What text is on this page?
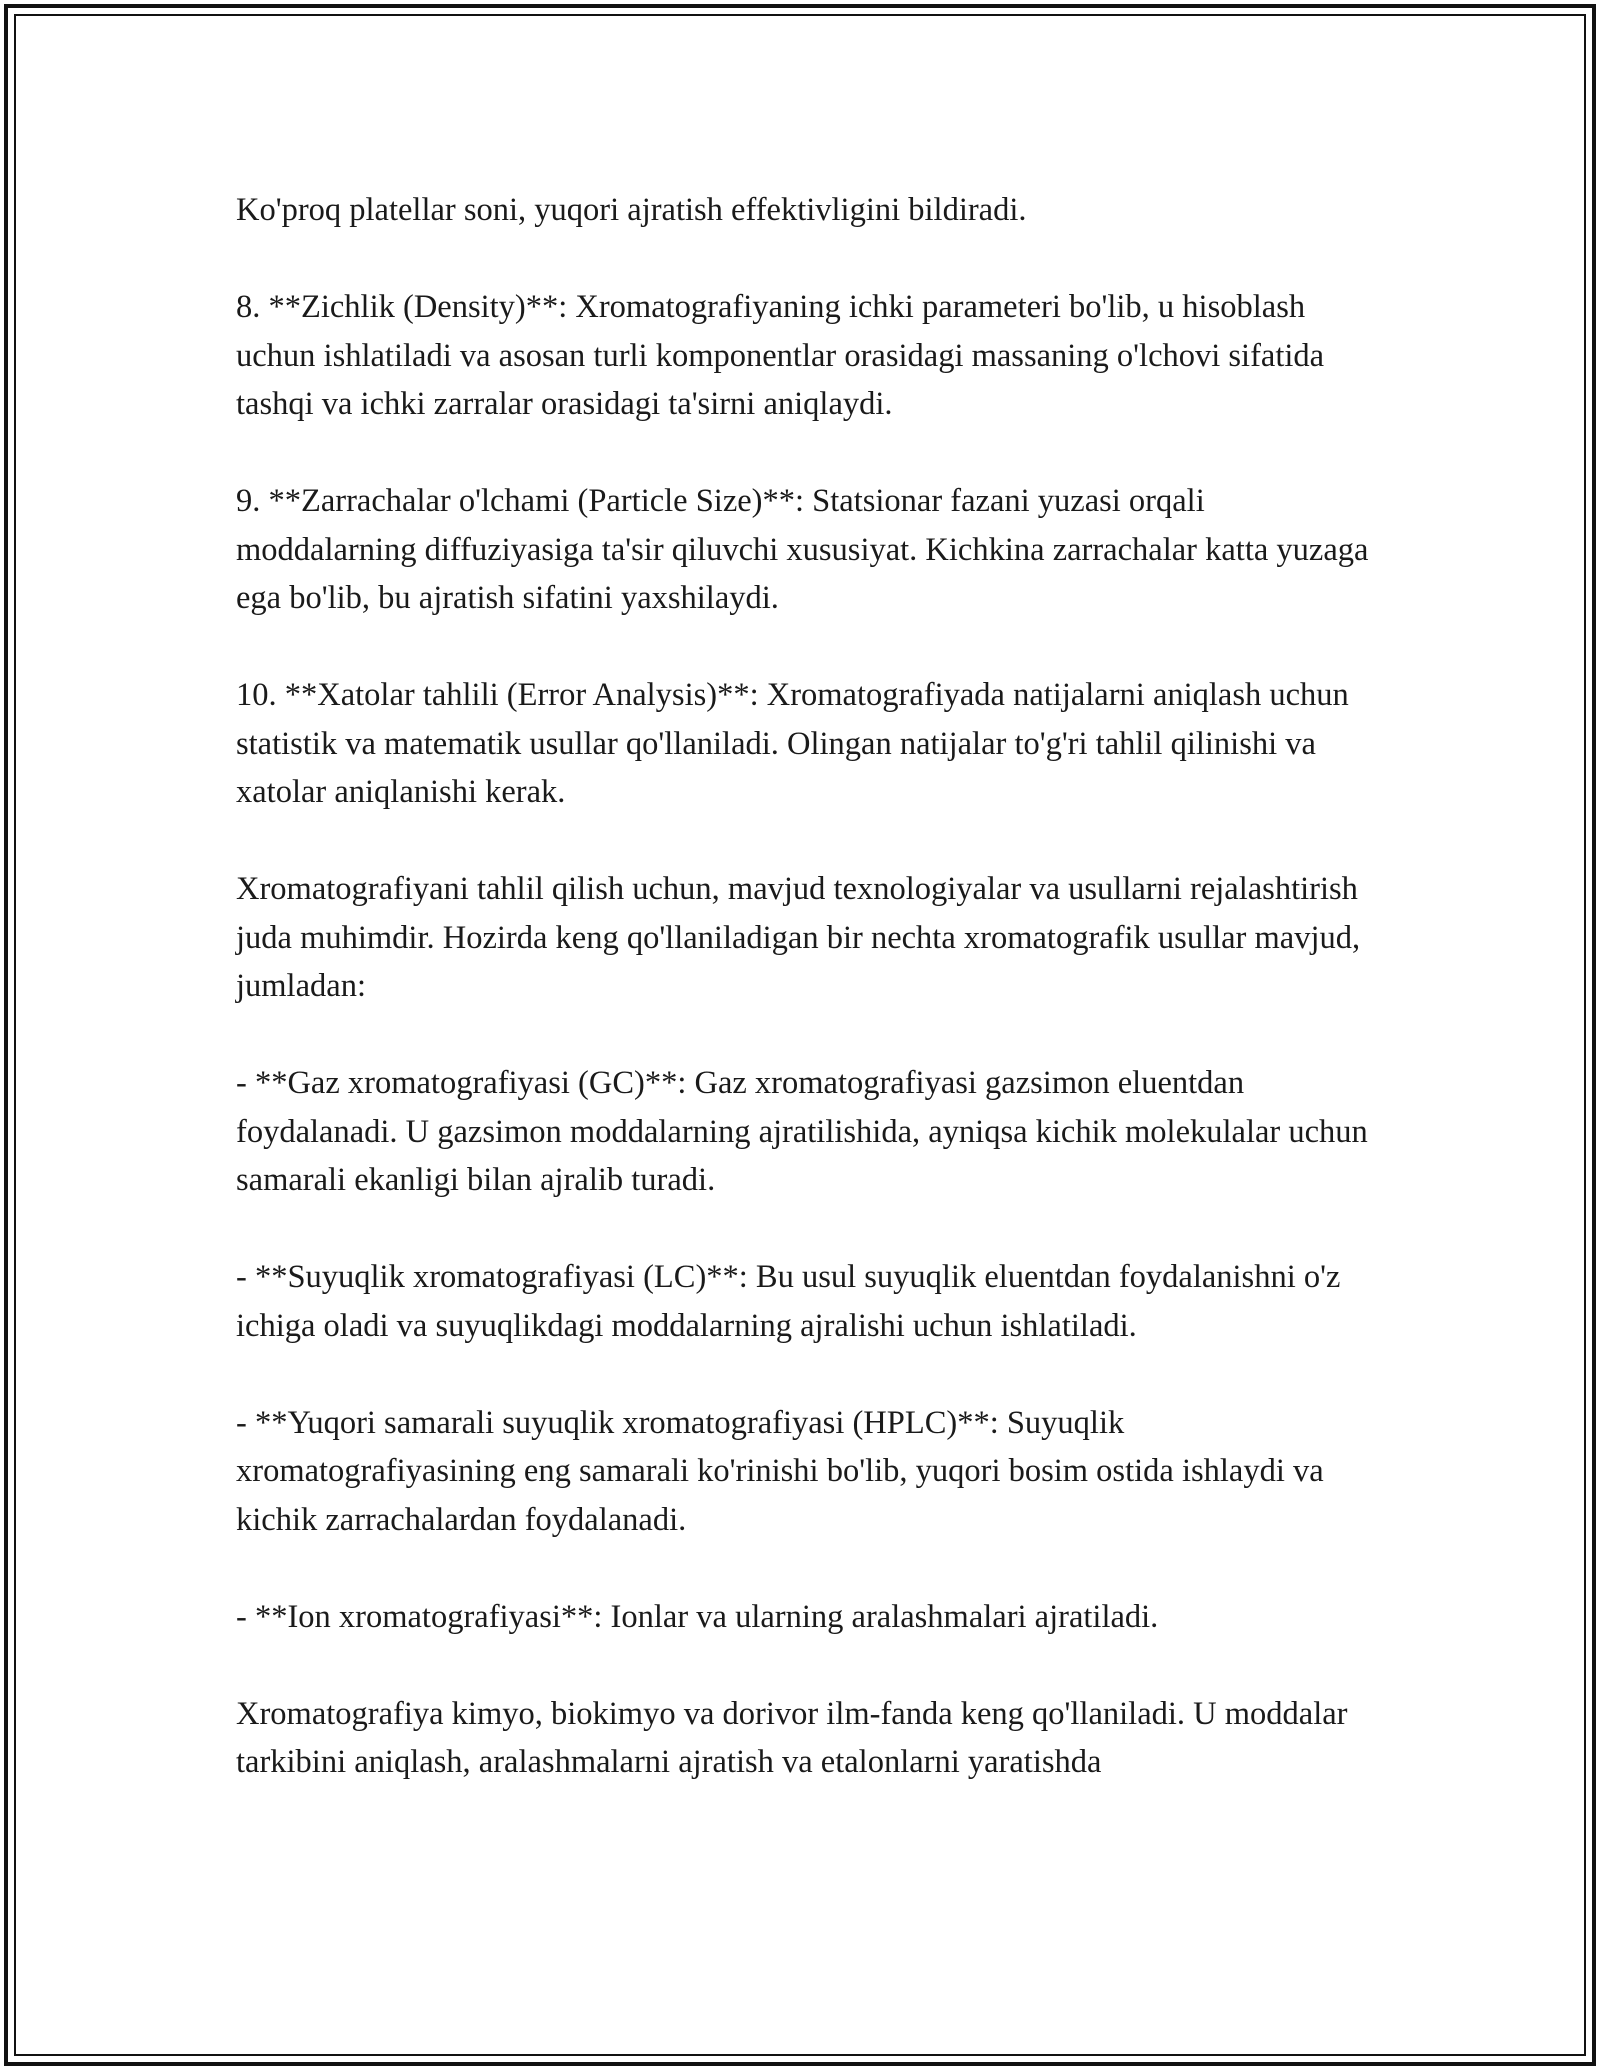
Ko'proq platellar soni, yuqori ajratish effektivligini bildiradi.

8. **Zichlik (Density)**: Xromatografiyaning ichki parameteri bo'lib, u hisoblash uchun ishlatiladi va asosan turli komponentlar orasidagi massaning o'lchovi sifatida tashqi va ichki zarralar orasidagi ta'sirni aniqlaydi.

9. **Zarrachalar o'lchami (Particle Size)**: Statsionar fazani yuzasi orqali moddalarning diffuziyasiga ta'sir qiluvchi xususiyat. Kichkina zarrachalar katta yuzaga ega bo'lib, bu ajratish sifatini yaxshilaydi.

10. **Xatolar tahlili (Error Analysis)**: Xromatografiyada natijalarni aniqlash uchun statistik va matematik usullar qo'llaniladi. Olingan natijalar to'g'ri tahlil qilinishi va xatolar aniqlanishi kerak.

Xromatografiyani tahlil qilish uchun, mavjud texnologiyalar va usullarni rejalashtirish juda muhimdir. Hozirda keng qo'llaniladigan bir nechta xromatografik usullar mavjud, jumladan:

- **Gaz xromatografiyasi (GC)**: Gaz xromatografiyasi gazsimon eluentdan foydalanadi. U gazsimon moddalarning ajratilishida, ayniqsa kichik molekulalar uchun samarali ekanligi bilan ajralib turadi.

- **Suyuqlik xromatografiyasi (LC)**: Bu usul suyuqlik eluentdan foydalanishni o'z ichiga oladi va suyuqlikdagi moddalarning ajralishi uchun ishlatiladi.

- **Yuqori samarali suyuqlik xromatografiyasi (HPLC)**: Suyuqlik xromatografiyasining eng samarali ko'rinishi bo'lib, yuqori bosim ostida ishlaydi va kichik zarrachalardan foydalanadi.

- **Ion xromatografiyasi**: Ionlar va ularning aralashmalari ajratiladi.

Xromatografiya kimyo, biokimyo va dorivor ilm-fanda keng qo'llaniladi. U moddalar tarkibini aniqlash, aralashmalarni ajratish va etalonlarni yaratishda
